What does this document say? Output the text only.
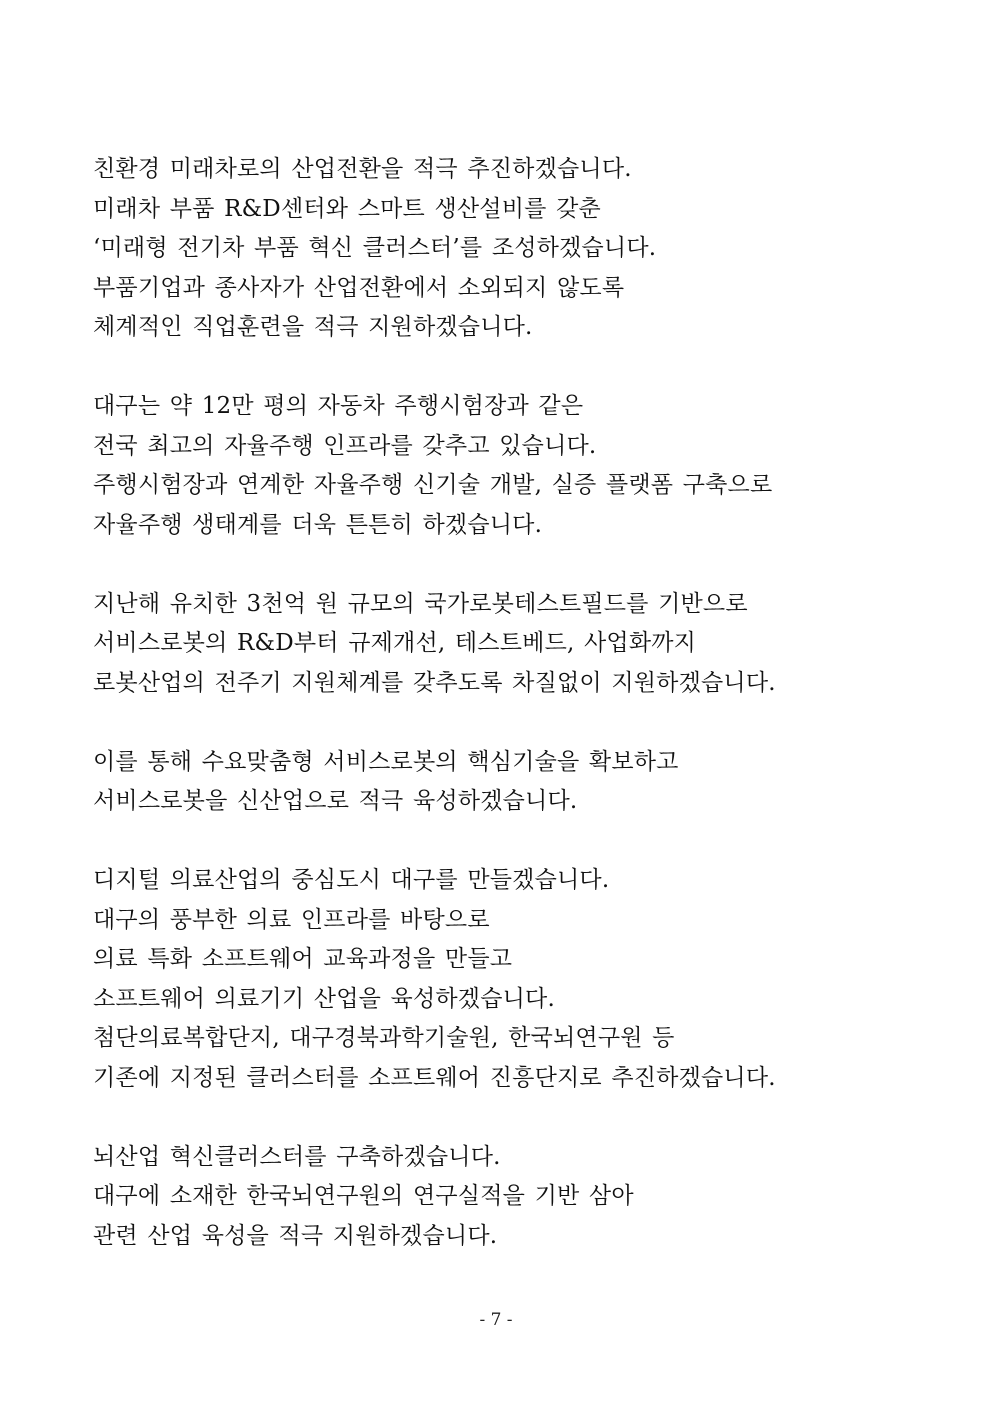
친환경 미래차로의 산업전환을 적극 추진하겠습니다.
미래차 부품 R&D센터와 스마트 생산설비를 갖춘
‘미래형 전기차 부품 혁신 클러스터’를 조성하겠습니다.
부품기업과 종사자가 산업전환에서 소외되지 않도록
체계적인 직업훈련을 적극 지원하겠습니다.
대구는 약 12만 평의 자동차 주행시험장과 같은
전국 최고의 자율주행 인프라를 갖추고 있습니다.
주행시험장과 연계한 자율주행 신기술 개발, 실증 플랫폼 구축으로
자율주행 생태계를 더욱 튼튼히 하겠습니다.
지난해 유치한 3천억 원 규모의 국가로봇테스트필드를 기반으로
서비스로봇의 R&D부터 규제개선, 테스트베드, 사업화까지
로봇산업의 전주기 지원체계를 갖추도록 차질없이 지원하겠습니다.
이를 통해 수요맞춤형 서비스로봇의 핵심기술을 확보하고
서비스로봇을 신산업으로 적극 육성하겠습니다.
디지털 의료산업의 중심도시 대구를 만들겠습니다.
대구의 풍부한 의료 인프라를 바탕으로
의료 특화 소프트웨어 교육과정을 만들고
소프트웨어 의료기기 산업을 육성하겠습니다.
첨단의료복합단지, 대구경북과학기술원, 한국뇌연구원 등
기존에 지정된 클러스터를 소프트웨어 진흥단지로 추진하겠습니다.
뇌산업 혁신클러스터를 구축하겠습니다.
대구에 소재한 한국뇌연구원의 연구실적을 기반 삼아
관련 산업 육성을 적극 지원하겠습니다.
- 7 -
